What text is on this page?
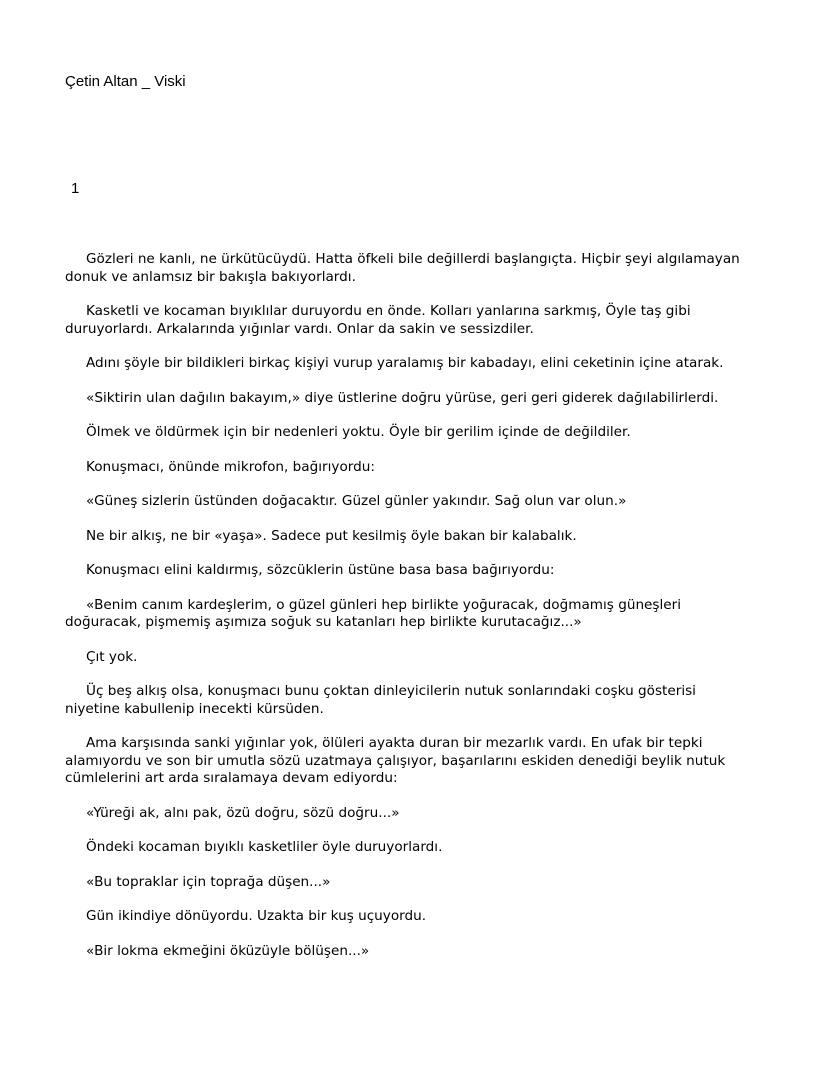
Çetin Altan _ Viski
1

Gözleri ne kanlı, ne ürkütücüydü. Hatta öfkeli bile değillerdi başlangıçta. Hiçbir şeyi algılamayan donuk ve anlamsız bir bakışla bakıyorlardı.

Kasketli ve kocaman bıyıklılar duruyordu en önde. Kolları yanlarına sarkmış, Öyle taş gibi duruyorlardı. Arkalarında yığınlar vardı. Onlar da sakin ve sessizdiler.

Adını şöyle bir bildikleri birkaç kişiyi vurup yaralamış bir kabadayı, elini ceketinin içine atarak.

«Siktirin ulan dağılın bakayım,» diye üstlerine doğru yürüse, geri geri giderek dağılabilirlerdi.

Ölmek ve öldürmek için bir nedenleri yoktu. Öyle bir gerilim içinde de değildiler.

Konuşmacı, önünde mikrofon, bağırıyordu:

«Güneş sizlerin üstünden doğacaktır. Güzel günler yakındır. Sağ olun var olun.»

Ne bir alkış, ne bir «yaşa». Sadece put kesilmiş öyle bakan bir kalabalık.

Konuşmacı elini kaldırmış, sözcüklerin üstüne basa basa bağırıyordu:

«Benim canım kardeşlerim, o güzel günleri hep birlikte yoğuracak, doğmamış güneşleri doğuracak, pişmemiş aşımıza soğuk su katanları hep birlikte kurutacağız...»

Çıt yok.

Üç beş alkış olsa, konuşmacı bunu çoktan dinleyicilerin nutuk sonlarındaki coşku gösterisi niyetine kabullenip inecekti kürsüden.

Ama karşısında sanki yığınlar yok, ölüleri ayakta duran bir mezarlık vardı. En ufak bir tepki alamıyordu ve son bir umutla sözü uzatmaya çalışıyor, başarılarını eskiden denediği beylik nutuk cümlelerini art arda sıralamaya devam ediyordu:

«Yüreği ak, alnı pak, özü doğru, sözü doğru...»

Öndeki kocaman bıyıklı kasketliler öyle duruyorlardı.

«Bu topraklar için toprağa düşen...»

Gün ikindiye dönüyordu. Uzakta bir kuş uçuyordu.

«Bir lokma ekmeğini öküzüyle bölüşen...»
